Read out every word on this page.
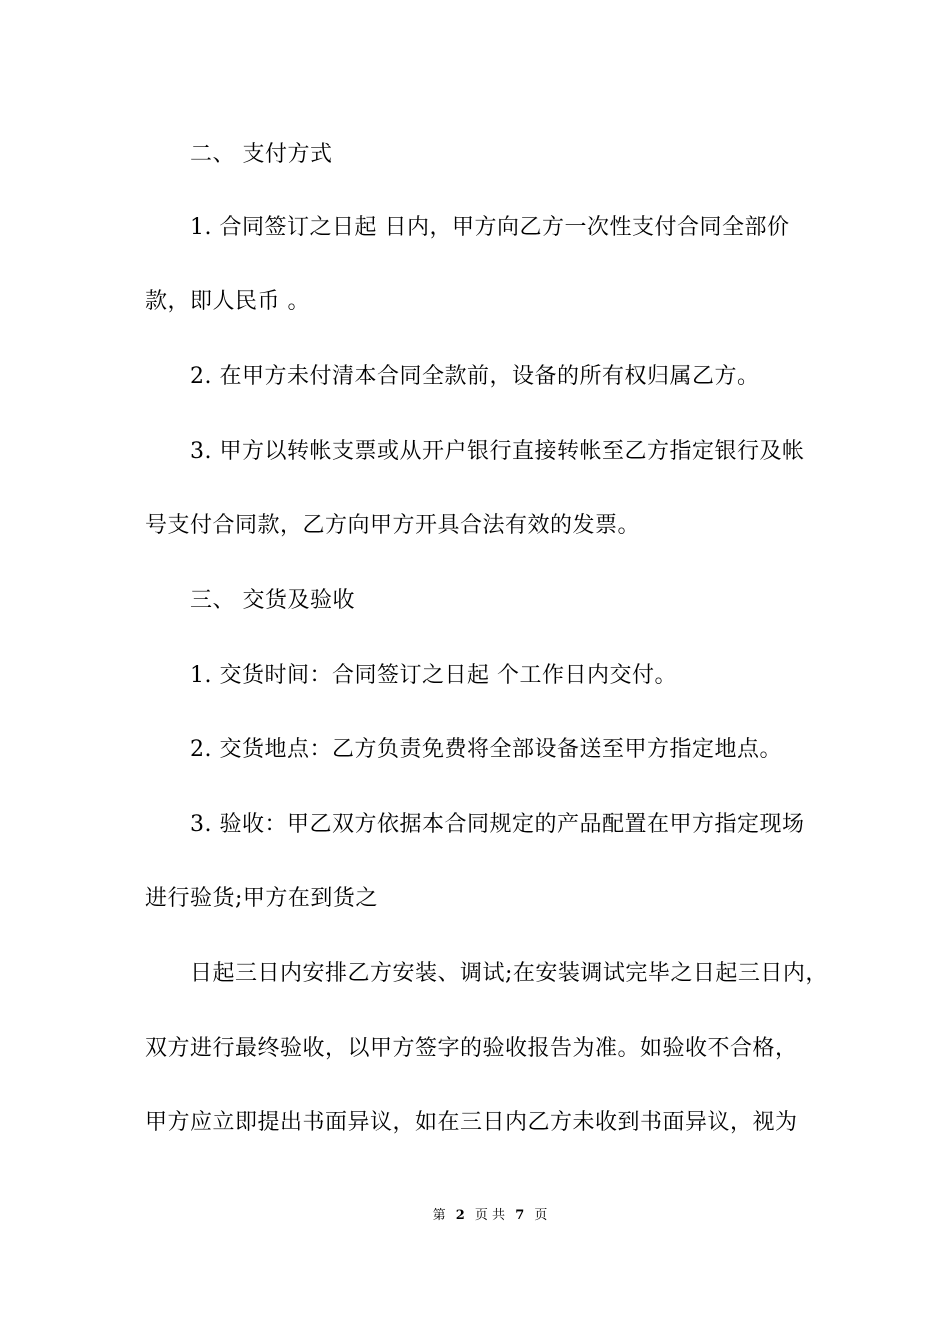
二、 支付方式
1. 合同签订之日起 日内，甲方向乙方一次性支付合同全部价
款，即人民币 。
2. 在甲方未付清本合同全款前，设备的所有权归属乙方。
3. 甲方以转帐支票或从开户银行直接转帐至乙方指定银行及帐
号支付合同款，乙方向甲方开具合法有效的发票。
三、 交货及验收
1. 交货时间：合同签订之日起 个工作日内交付。
2. 交货地点：乙方负责免费将全部设备送至甲方指定地点。
3. 验收：甲乙双方依据本合同规定的产品配置在甲方指定现场
进行验货;甲方在到货之
日起三日内安排乙方安装、调试;在安装调试完毕之日起三日内，
双方进行最终验收，以甲方签字的验收报告为准。如验收不合格，
甲方应立即提出书面异议，如在三日内乙方未收到书面异议，视为
第 2 页 共 7 页
